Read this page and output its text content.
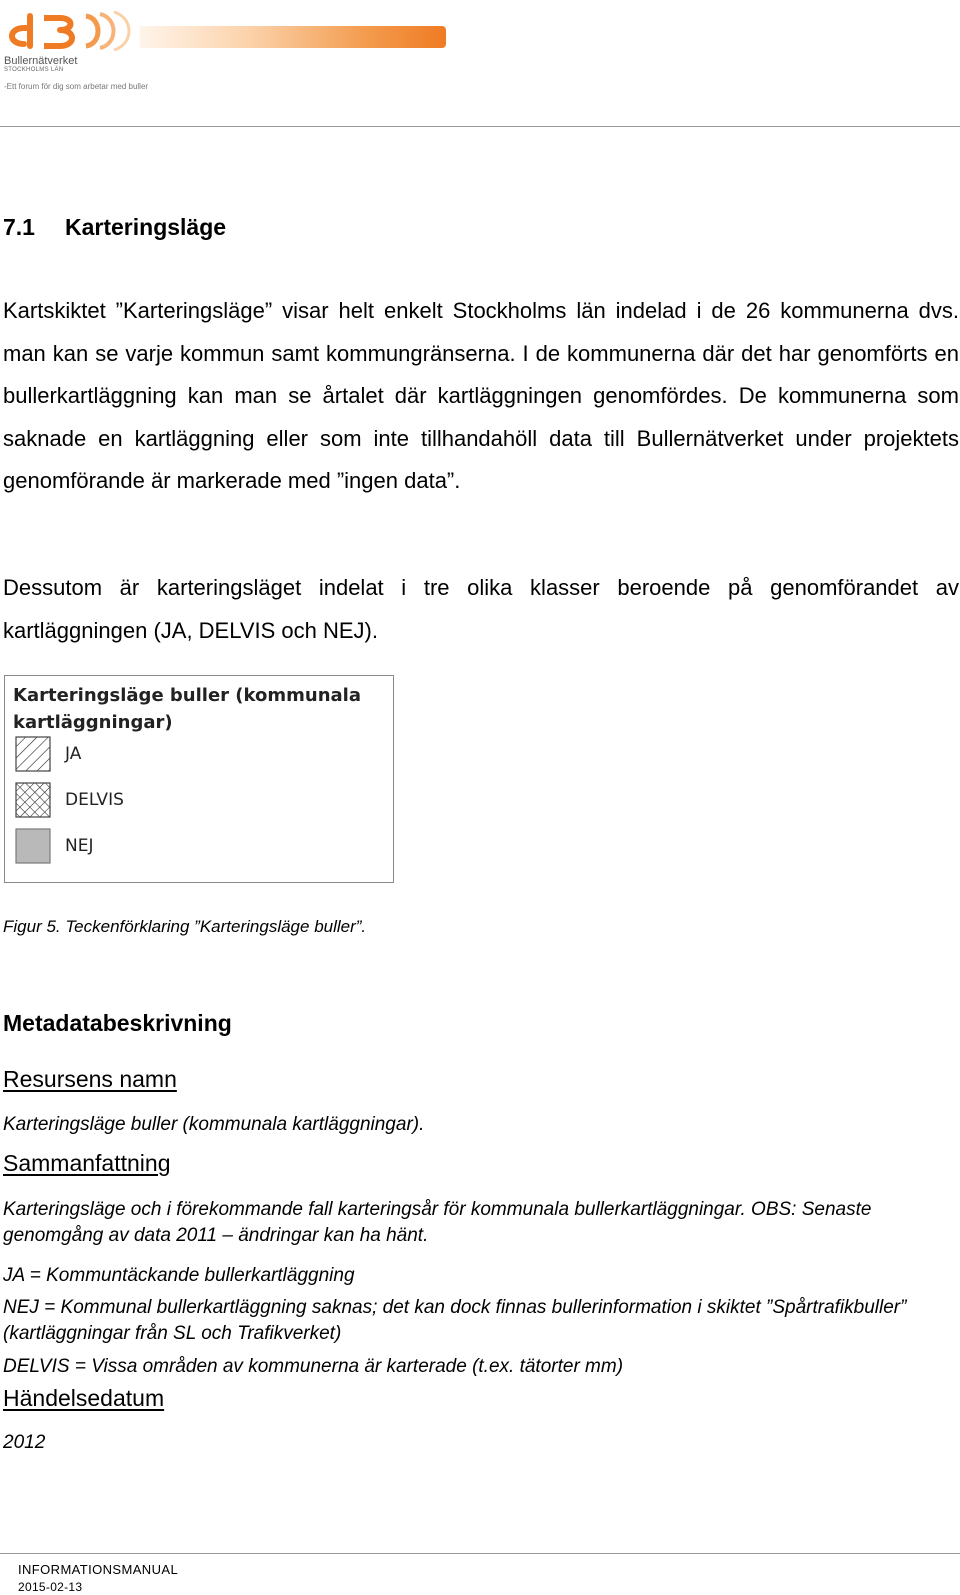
Bullernätverket
STOCKHOLMS LÄN
-Ett forum för dig som arbetar med buller
7.1 Karteringsläge
Kartskiktet ”Karteringsläge” visar helt enkelt Stockholms län indelad i de 26 kommunerna dvs. man kan se varje kommun samt kommungränserna. I de kommunerna där det har genomförts en bullerkartläggning kan man se årtalet där kartläggningen genomfördes. De kommunerna som saknade en kartläggning eller som inte tillhandahöll data till Bullernätverket under projektets genomförande är markerade med ”ingen data”.
Dessutom är karteringsläget indelat i tre olika klasser beroende på genomförandet av kartläggningen (JA, DELVIS och NEJ).
Karteringsläge buller (kommunala kartläggningar)
JA
DELVIS
NEJ
Figur 5. Teckenförklaring ”Karteringsläge buller”.
Metadatabeskrivning
Resursens namn
Karteringsläge buller (kommunala kartläggningar).
Sammanfattning
Karteringsläge och i förekommande fall karteringsår för kommunala bullerkartläggningar. OBS: Senaste genomgång av data 2011 – ändringar kan ha hänt.
JA = Kommuntäckande bullerkartläggning
NEJ = Kommunal bullerkartläggning saknas; det kan dock finnas bullerinformation i skiktet ”Spårtrafikbuller” (kartläggningar från SL och Trafikverket)
DELVIS = Vissa områden av kommunerna är karterade (t.ex. tätorter mm)
Händelsedatum
2012
INFORMATIONSMANUAL
2015-02-13
